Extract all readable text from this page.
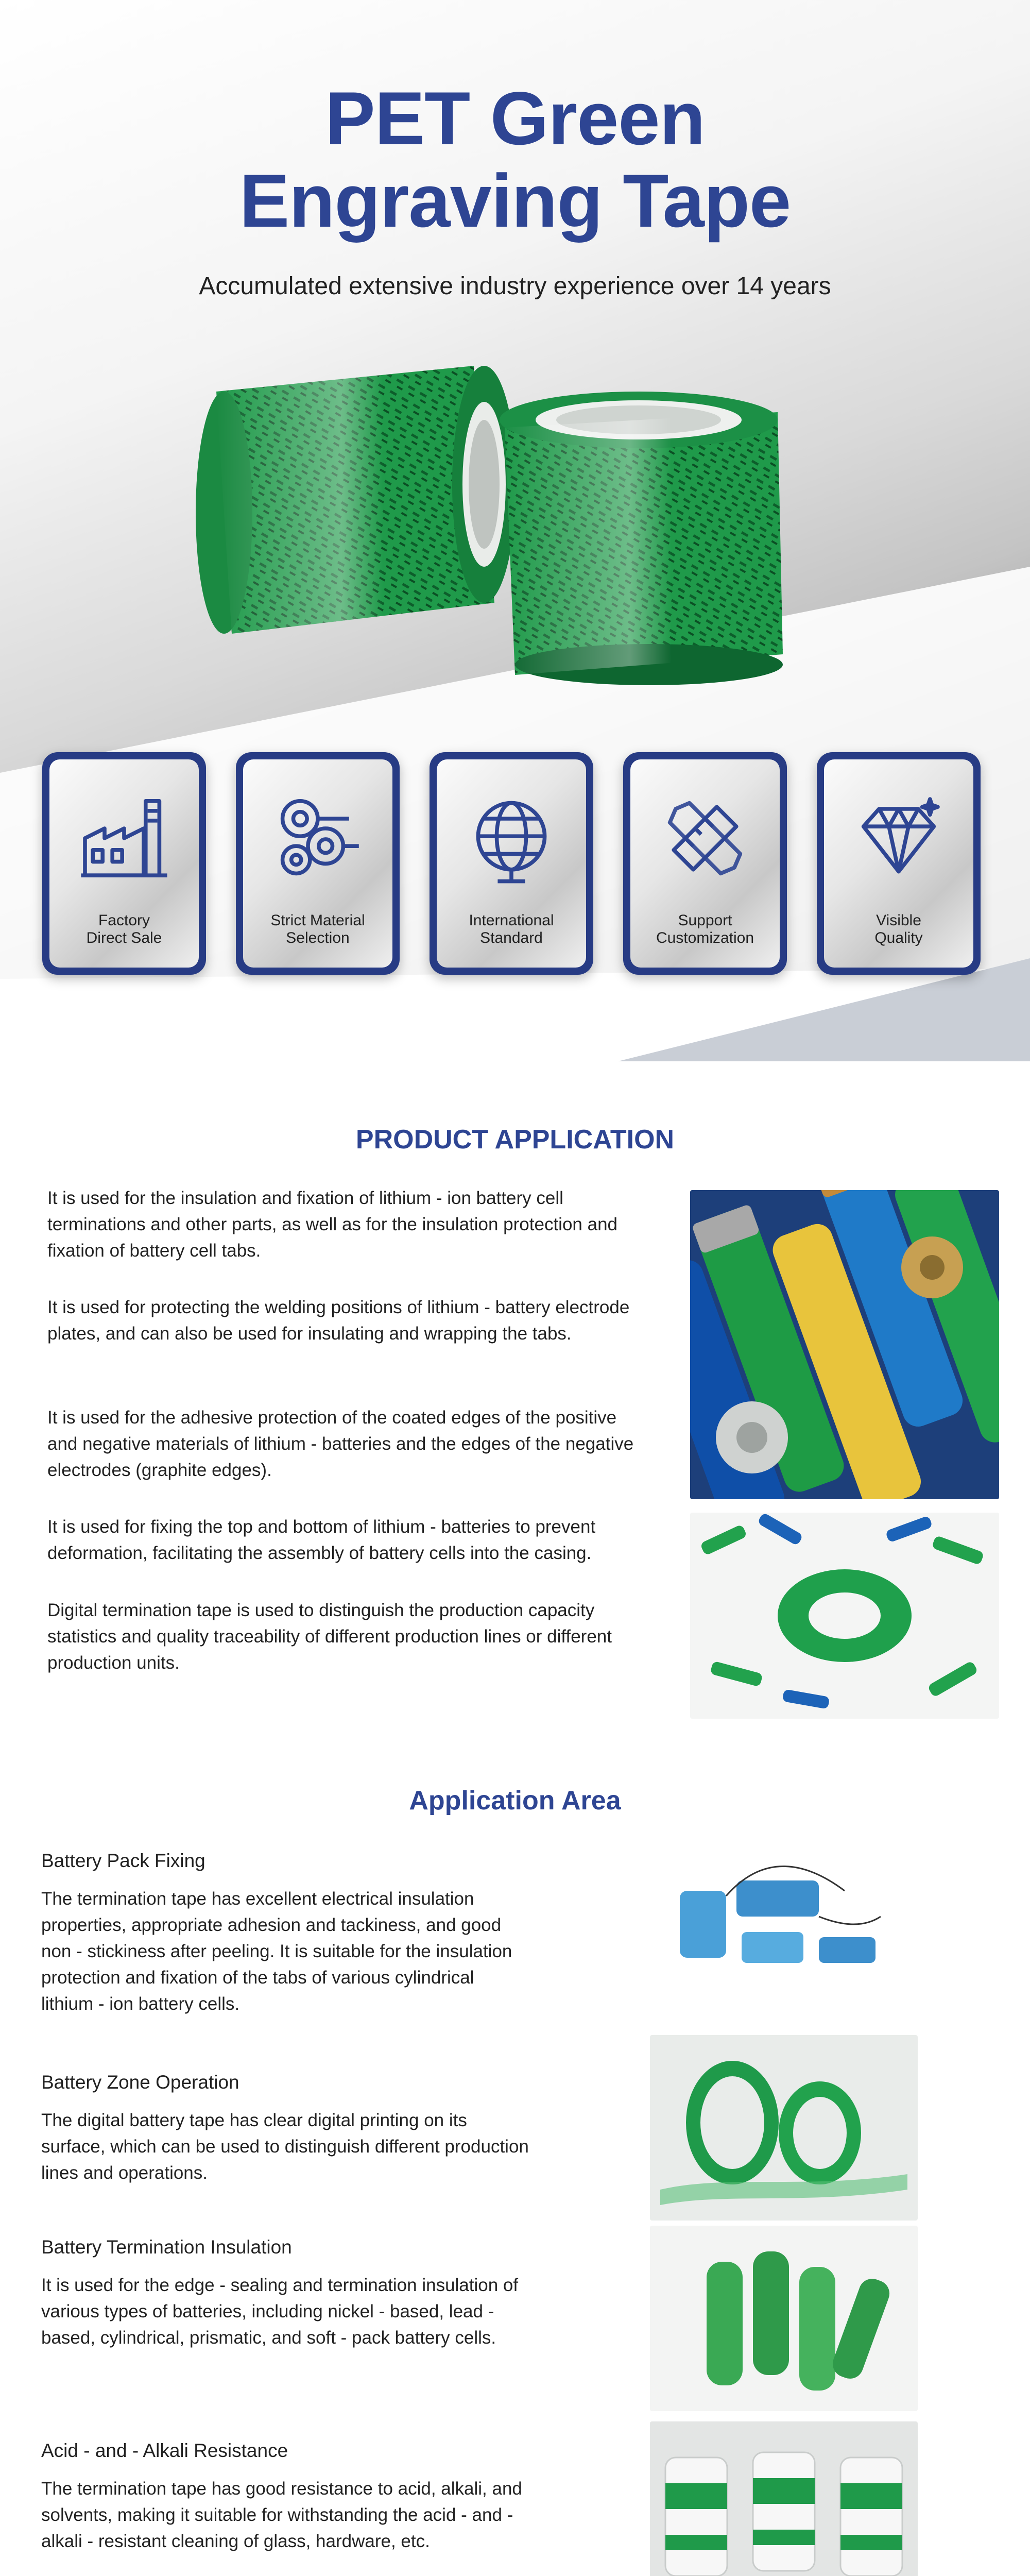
PET Green
Engraving Tape
Accumulated extensive industry experience over 14 years
Factory
Direct Sale
Strict Material
Selection
International
Standard
Support
Customization
Visible
Quality
PRODUCT APPLICATION

It is used for the insulation and fixation of lithium - ion battery cell terminations and other parts, as well as for the insulation protection and fixation of battery cell tabs.

It is used for protecting the welding positions of lithium - battery electrode plates, and can also be used for insulating and wrapping the tabs.

It is used for the adhesive protection of the coated edges of the positive and negative materials of lithium - batteries and the edges of the negative electrodes (graphite edges).

It is used for fixing the top and bottom of lithium - batteries to prevent deformation, facilitating the assembly of battery cells into the casing.

Digital termination tape is used to distinguish the production capacity statistics and quality traceability of different production lines or different production units.

Application Area
Battery Pack Fixing

The termination tape has excellent electrical insulation properties, appropriate adhesion and tackiness, and good non - stickiness after peeling. It is suitable for the insulation protection and fixation of the tabs of various cylindrical lithium - ion battery cells.

Battery Zone Operation

The digital battery tape has clear digital printing on its surface, which can be used to distinguish different production lines and operations.

Battery Termination Insulation

It is used for the edge - sealing and termination insulation of various types of batteries, including nickel - based, lead - based, cylindrical, prismatic, and soft - pack battery cells.

Acid - and - Alkali Resistance

The termination tape has good resistance to acid, alkali, and solvents, making it suitable for withstanding the acid - and - alkali - resistant cleaning of glass, hardware, etc.
